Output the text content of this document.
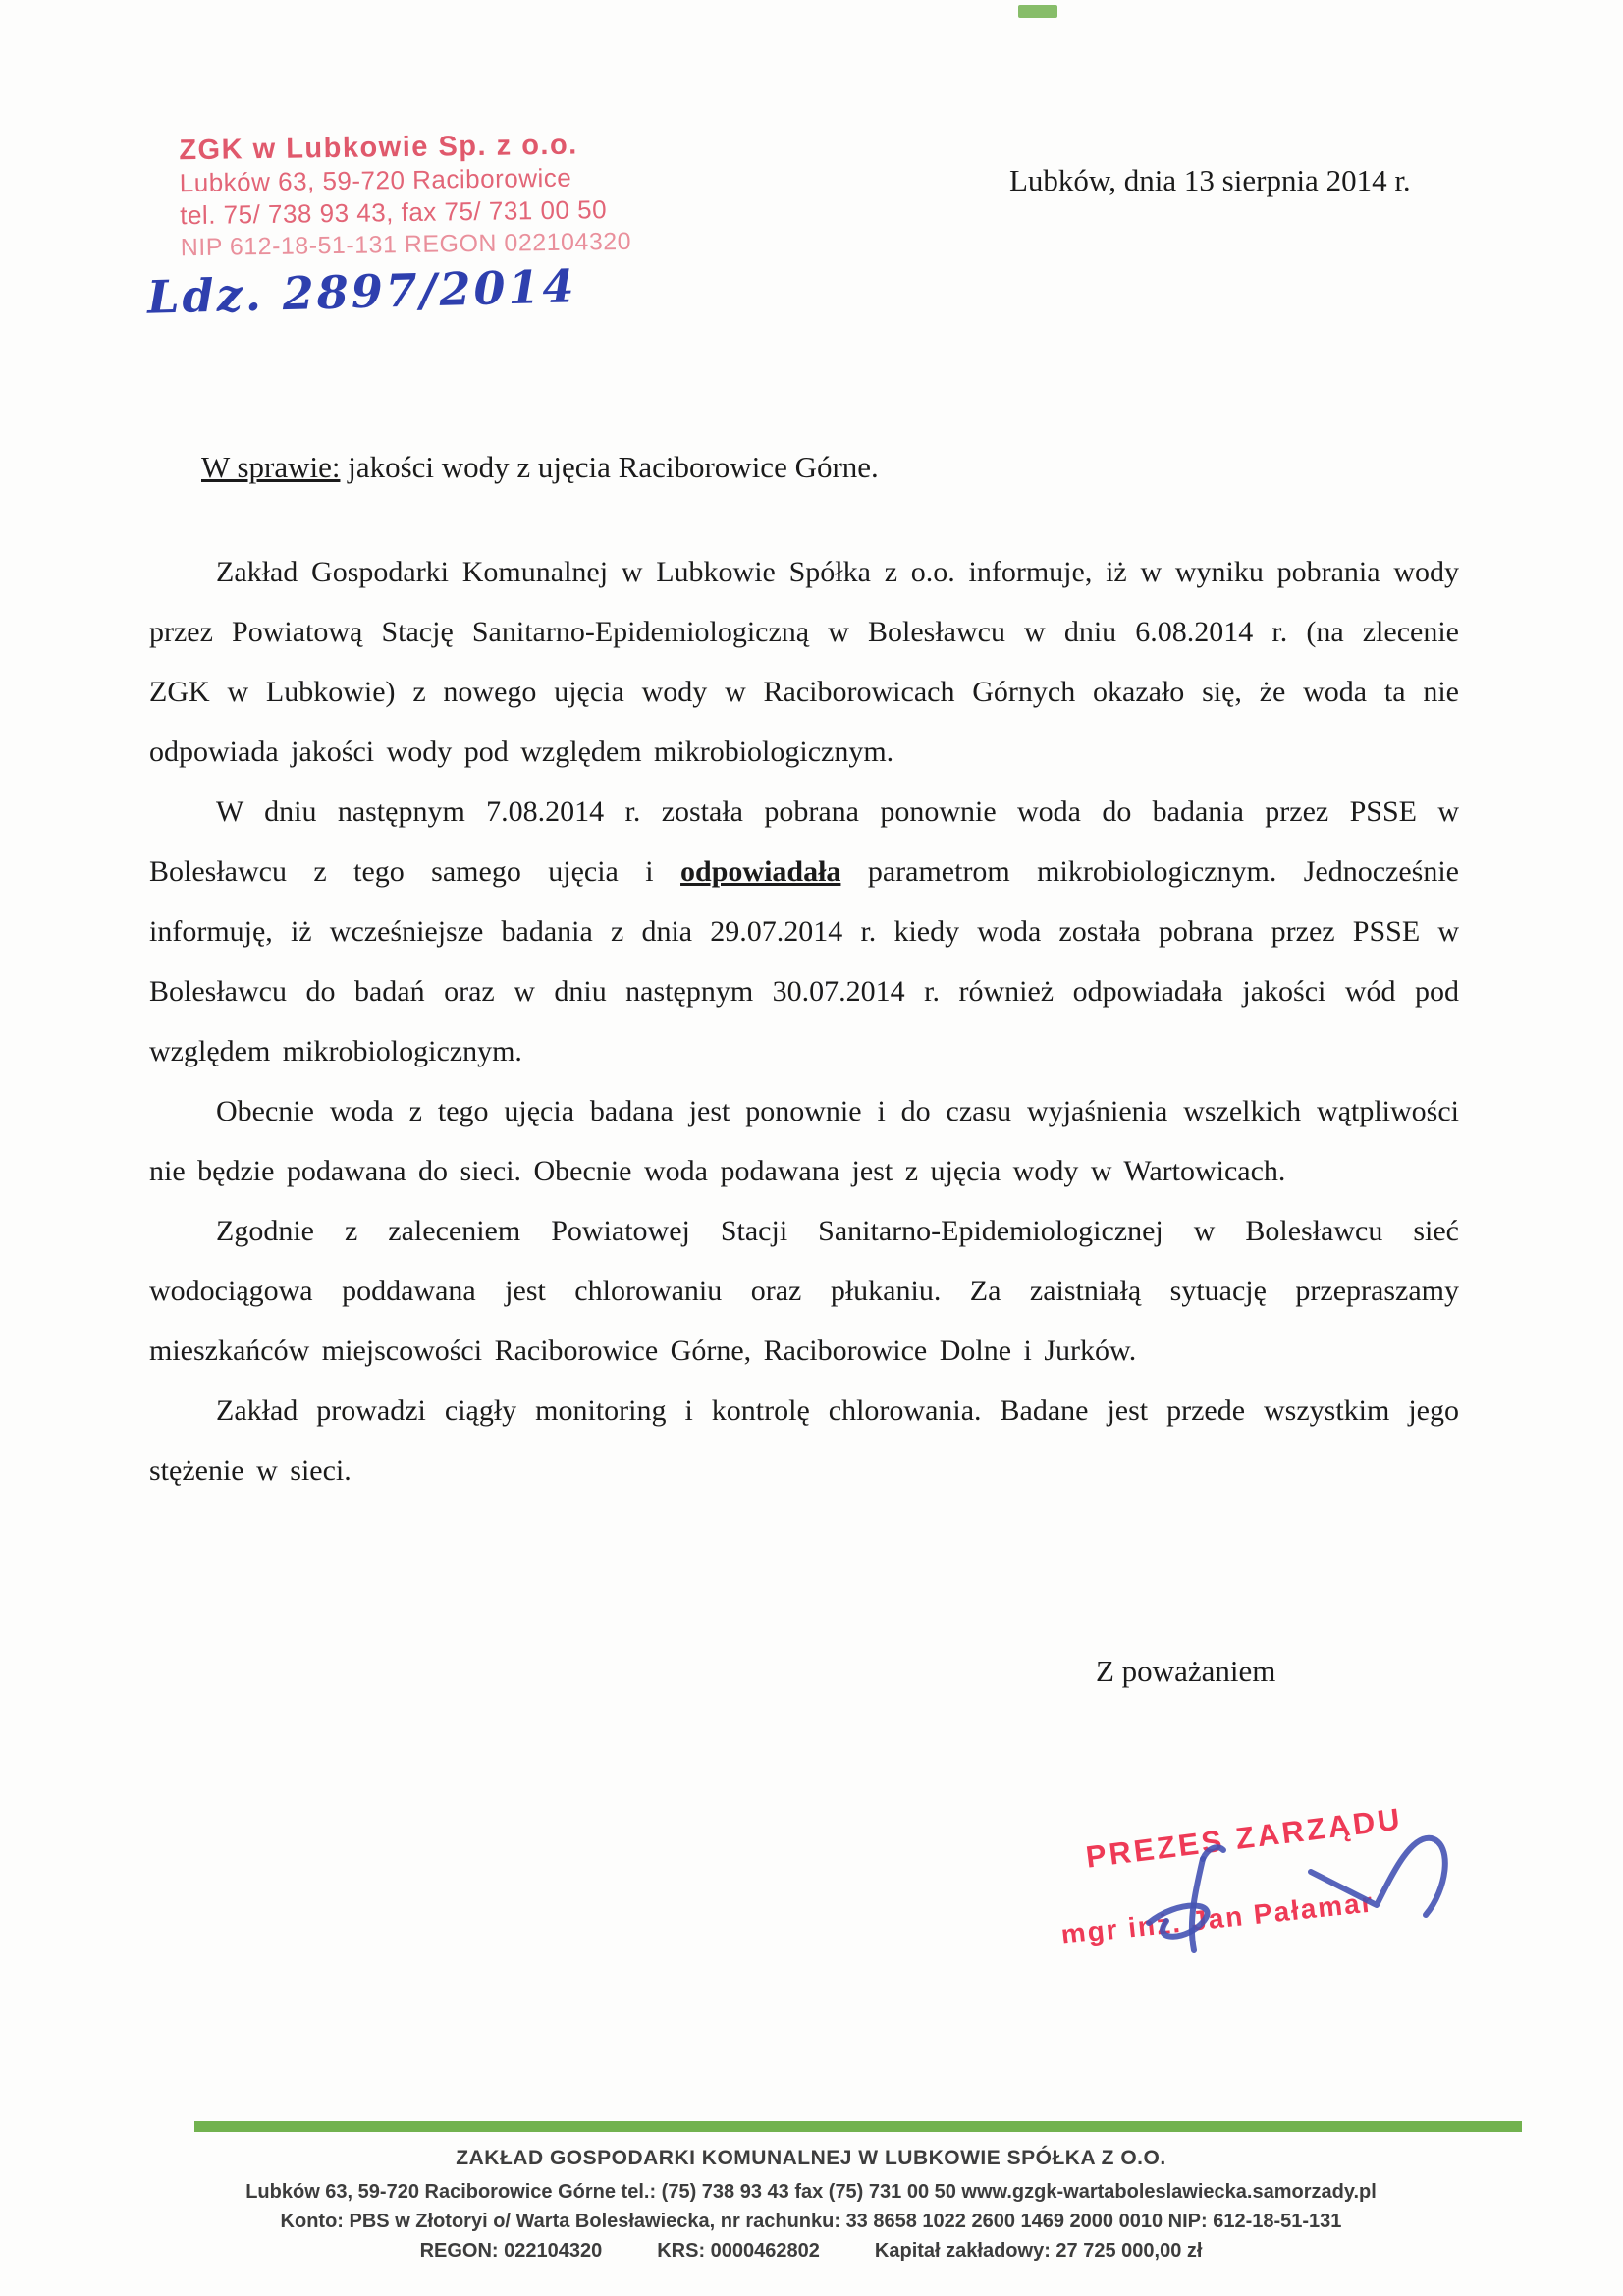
ZGK w Lubkowie Sp. z o.o.
Lubków 63, 59-720 Raciborowice
tel. 75/ 738 93 43, fax 75/ 731 00 50
NIP 612-18-51-131 REGON 022104320
Ldz. 2897/2014
Lubków, dnia 13 sierpnia 2014 r.
W sprawie: jakości wody z ujęcia Raciborowice Górne.

Zakład Gospodarki Komunalnej w Lubkowie Spółka z o.o. informuje, iż w wyniku pobrania wody przez Powiatową Stację Sanitarno-Epidemiologiczną w Bolesławcu w dniu 6.08.2014 r. (na zlecenie ZGK w Lubkowie) z nowego ujęcia wody w Raciborowicach Górnych okazało się, że woda ta nie odpowiada jakości wody pod względem mikrobiologicznym.

W dniu następnym 7.08.2014 r. została pobrana ponownie woda do badania przez PSSE w Bolesławcu z tego samego ujęcia i odpowiadała parametrom mikrobiologicznym. Jednocześnie informuję, iż wcześniejsze badania z dnia 29.07.2014 r. kiedy woda została pobrana przez PSSE w Bolesławcu do badań oraz w dniu następnym 30.07.2014 r. również odpowiadała jakości wód pod względem mikrobiologicznym.

Obecnie woda z tego ujęcia badana jest ponownie i do czasu wyjaśnienia wszelkich wątpliwości nie będzie podawana do sieci. Obecnie woda podawana jest z ujęcia wody w Wartowicach.

Zgodnie z zaleceniem Powiatowej Stacji Sanitarno-Epidemiologicznej w Bolesławcu sieć wodociągowa poddawana jest chlorowaniu oraz płukaniu. Za zaistniałą sytuację przepraszamy mieszkańców miejscowości Raciborowice Górne, Raciborowice Dolne i Jurków.

Zakład prowadzi ciągły monitoring i kontrolę chlorowania. Badane jest przede wszystkim jego stężenie w sieci.

Z poważaniem
PREZES ZARZĄDU
mgr inż. Jan Pałamar
ZAKŁAD GOSPODARKI KOMUNALNEJ W LUBKOWIE SPÓŁKA Z O.O.
Lubków 63, 59-720 Raciborowice Górne tel.: (75) 738 93 43 fax (75) 731 00 50 www.gzgk-wartaboleslawiecka.samorzady.pl
Konto: PBS w Złotoryi o/ Warta Bolesławiecka, nr rachunku: 33 8658 1022 2600 1469 2000 0010 NIP: 612-18-51-131
REGON: 022104320	KRS: 0000462802	Kapitał zakładowy: 27 725 000,00 zł
